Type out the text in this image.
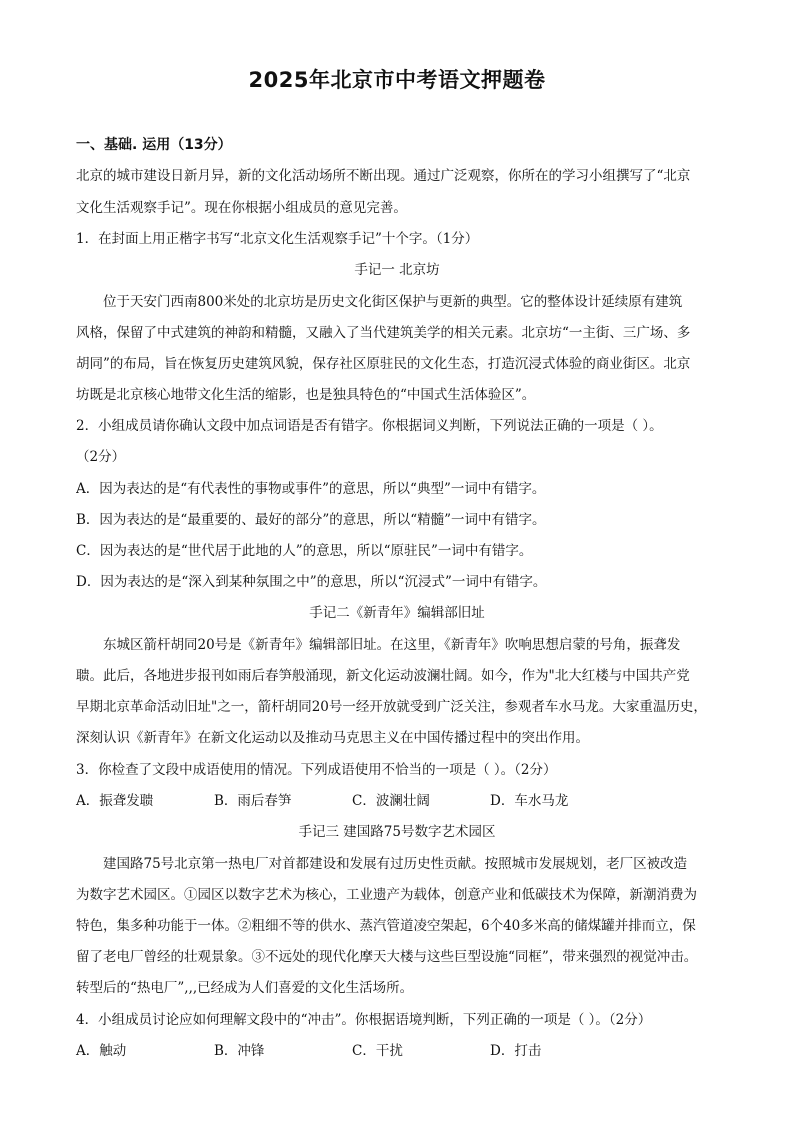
2025年北京市中考语文押题卷
一、基础. 运用（13分）
北京的城市建设日新月异，新的文化活动场所不断出现。通过广泛观察，你所在的学习小组撰写了“北京
文化生活观察手记”。现在你根据小组成员的意见完善。
1．在封面上用正楷字书写“北京文化生活观察手记”十个字。（1分）
手记一 北京坊
位于天安门西南800米处的北京坊是历史文化街区保护与更新的典型。它的整体设计延续原有建筑
风格，保留了中式建筑的神韵和精髓，又融入了当代建筑美学的相关元素。北京坊“一主街、三广场、多
胡同”的布局，旨在恢复历史建筑风貌，保存社区原驻民的文化生态，打造沉浸式体验的商业街区。北京
坊既是北京核心地带文化生活的缩影，也是独具特色的“中国式生活体验区”。
2．小组成员请你确认文段中加点词语是否有错字。你根据词义判断，下列说法正确的一项是（ ）。
（2分）
A．因为表达的是“有代表性的事物或事件”的意思，所以“典型”一词中有错字。
B．因为表达的是“最重要的、最好的部分”的意思，所以“精髓”一词中有错字。
C．因为表达的是“世代居于此地的人”的意思，所以“原驻民”一词中有错字。
D．因为表达的是“深入到某种氛围之中”的意思，所以“沉浸式”一词中有错字。
手记二《新青年》编辑部旧址
东城区箭杆胡同20号是《新青年》编辑部旧址。在这里，《新青年》吹响思想启蒙的号角，振聋发
聩。此后，各地进步报刊如雨后春笋般涌现，新文化运动波澜壮阔。如今，作为"北大红楼与中国共产党
早期北京革命活动旧址"之一，箭杆胡同20号一经开放就受到广泛关注，参观者车水马龙。大家重温历史，
深刻认识《新青年》在新文化运动以及推动马克思主义在中国传播过程中的突出作用。
3．你检查了文段中成语使用的情况。下列成语使用不恰当的一项是（ ）。（2分）
A．振聋发聩	B．雨后春笋	C．波澜壮阔	D．车水马龙
手记三 建国路75号数字艺术园区
建国路75号北京第一热电厂对首都建设和发展有过历史性贡献。按照城市发展规划，老厂区被改造
为数字艺术园区。①园区以数字艺术为核心，工业遗产为载体，创意产业和低碳技术为保障，新潮消费为
特色，集多种功能于一体。②粗细不等的供水、蒸汽管道凌空架起，6个40多米高的储煤罐并排而立，保
留了老电厂曾经的壮观景象。③不远处的现代化摩天大楼与这些巨型设施“同框”，带来强烈的视觉冲击。
转型后的“热电厂”,,,已经成为人们喜爱的文化生活场所。
4．小组成员讨论应如何理解文段中的“冲击”。你根据语境判断，下列正确的一项是（ ）。（2分）
A．触动	B．冲锋	C．干扰	D．打击
